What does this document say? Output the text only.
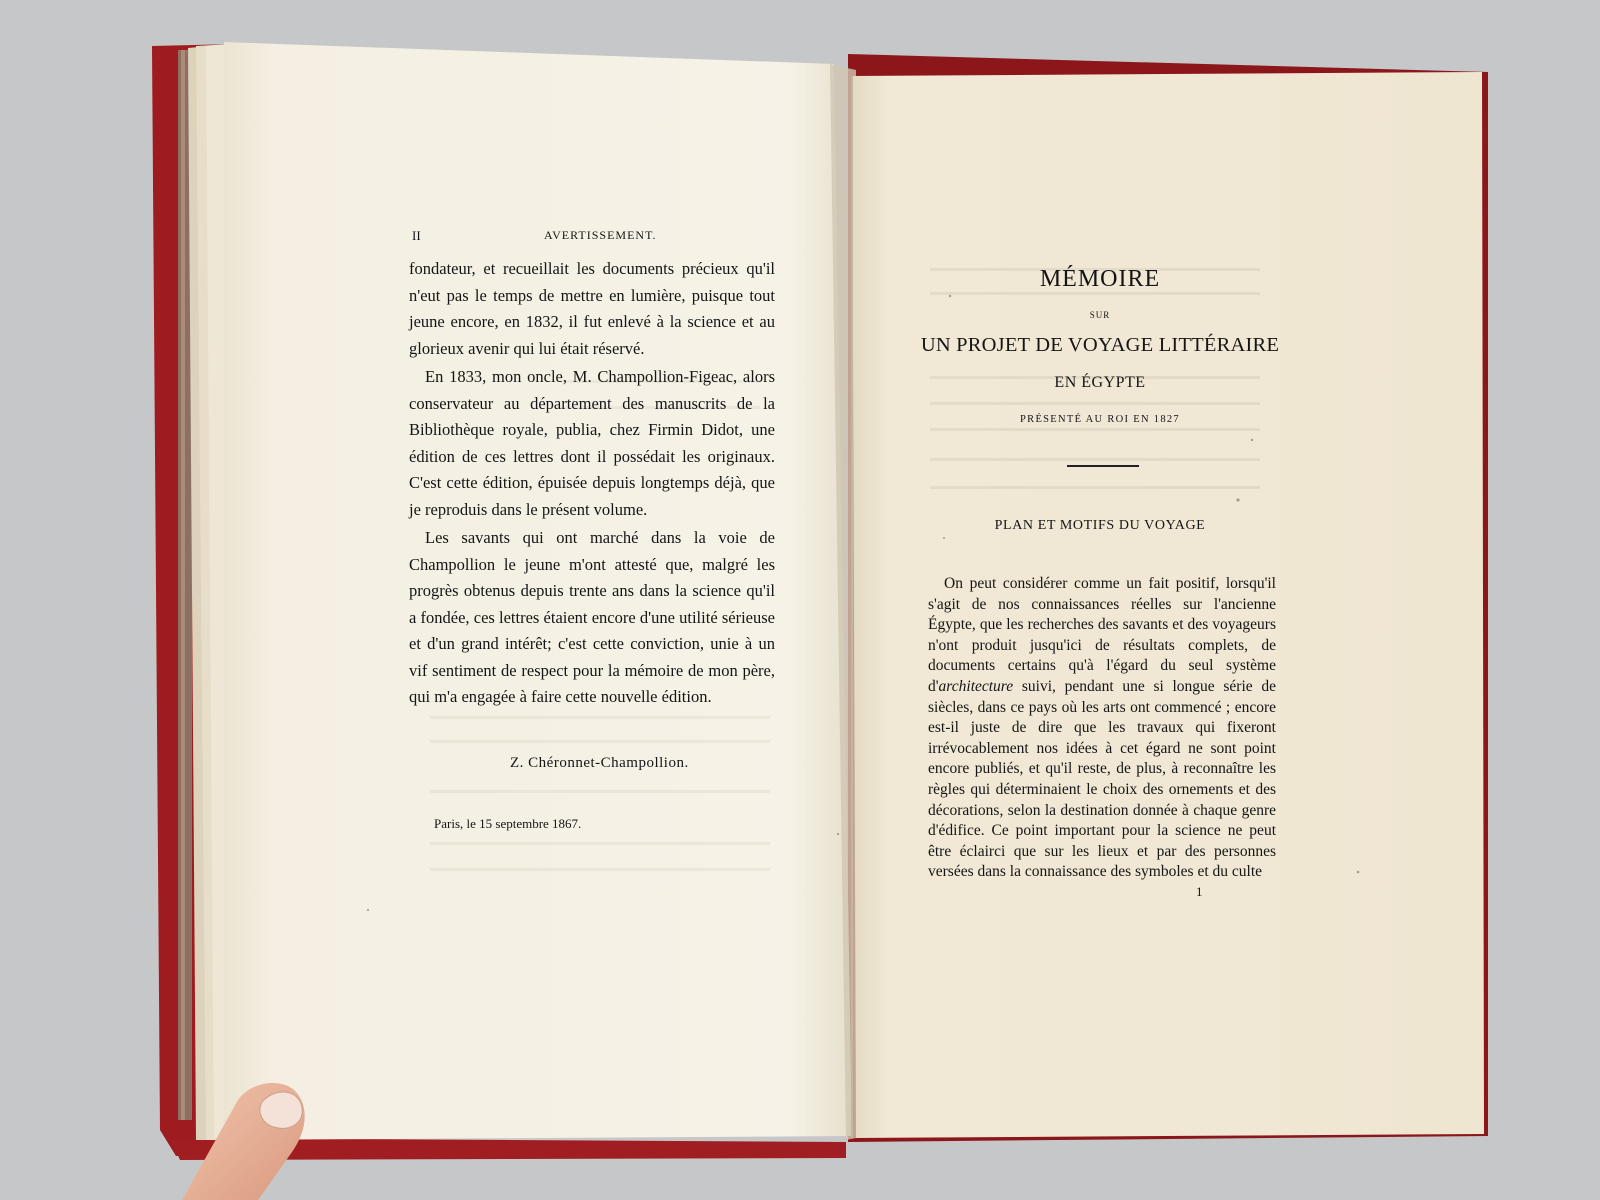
II	AVERTISSEMENT.

fondateur, et recueillait les documents précieux qu'il n'eut pas le temps de mettre en lumière, puisque tout jeune encore, en 1832, il fut enlevé à la science et au glorieux avenir qui lui était réservé.

En 1833, mon oncle, M. Champollion-Figeac, alors conservateur au département des manuscrits de la Bibliothèque royale, publia, chez Firmin Didot, une édition de ces lettres dont il possédait les originaux. C'est cette édition, épuisée depuis longtemps déjà, que je reproduis dans le présent volume.

Les savants qui ont marché dans la voie de Champollion le jeune m'ont attesté que, malgré les progrès obtenus depuis trente ans dans la science qu'il a fondée, ces lettres étaient encore d'une utilité sérieuse et d'un grand intérêt; c'est cette conviction, unie à un vif sentiment de respect pour la mémoire de mon père, qui m'a engagée à faire cette nouvelle édition.

Z. Chéronnet-Champollion.
Paris, le 15 septembre 1867.
MÉMOIRE
SUR
UN PROJET DE VOYAGE LITTÉRAIRE
EN ÉGYPTE
PRÉSENTÉ AU ROI EN 1827
PLAN ET MOTIFS DU VOYAGE

On peut considérer comme un fait positif, lorsqu'il s'agit de nos connaissances réelles sur l'ancienne Égypte, que les recherches des savants et des voyageurs n'ont produit jusqu'ici de résultats complets, de documents certains qu'à l'égard du seul système d'architecture suivi, pendant une si longue série de siècles, dans ce pays où les arts ont commencé ; encore est-il juste de dire que les travaux qui fixeront irrévocablement nos idées à cet égard ne sont point encore publiés, et qu'il reste, de plus, à reconnaître les règles qui déterminaient le choix des ornements et des décorations, selon la destination donnée à chaque genre d'édifice. Ce point important pour la science ne peut être éclairci que sur les lieux et par des personnes versées dans la connaissance des symboles et du culte

1
